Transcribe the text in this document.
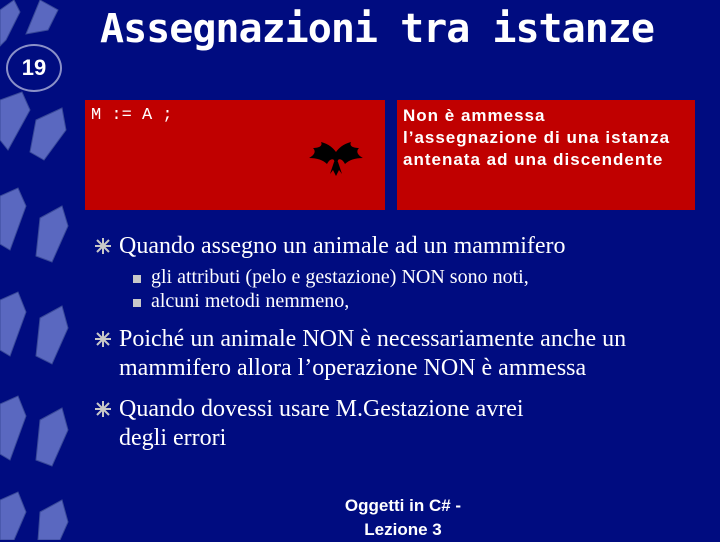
19
Assegnazioni tra istanze
M := A ;	Non è ammessa l’assegnazione di una istanza antenata ad una discendente

Quando assegno un animale ad un mammifero
gli attributi (pelo e gestazione) NON sono noti,
alcuni metodi nemmeno,
Poiché un animale NON è necessariamente anche un mammifero allora l’operazione NON è ammessa
Quando dovessi usare M.Gestazione avrei degli errori
Oggetti in C# -
Lezione 3
